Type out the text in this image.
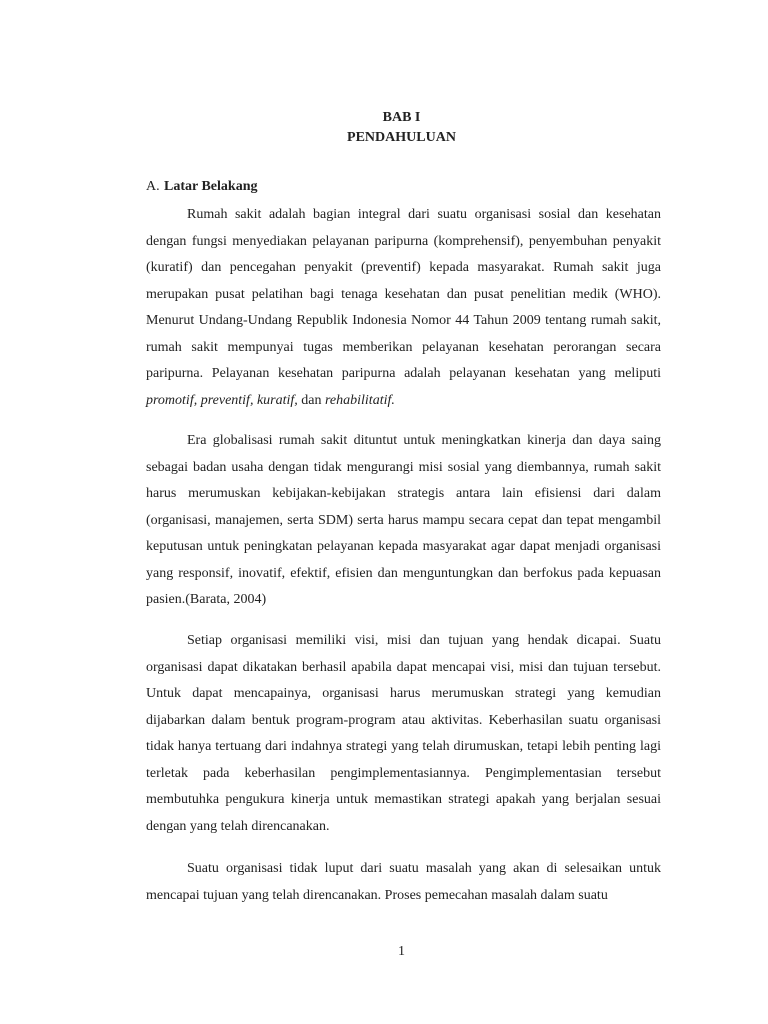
BAB I
PENDAHULUAN
A. Latar Belakang

Rumah sakit adalah bagian integral dari suatu organisasi sosial dan kesehatan dengan fungsi menyediakan pelayanan paripurna (komprehensif), penyembuhan penyakit (kuratif) dan pencegahan penyakit (preventif) kepada masyarakat. Rumah sakit juga merupakan pusat pelatihan bagi tenaga kesehatan dan pusat penelitian medik (WHO). Menurut Undang-Undang Republik Indonesia Nomor 44 Tahun 2009 tentang rumah sakit, rumah sakit mempunyai tugas memberikan pelayanan kesehatan perorangan secara paripurna. Pelayanan kesehatan paripurna adalah pelayanan kesehatan yang meliputi promotif, preventif, kuratif, dan rehabilitatif.

Era globalisasi rumah sakit dituntut untuk meningkatkan kinerja dan daya saing sebagai badan usaha dengan tidak mengurangi misi sosial yang diembannya, rumah sakit harus merumuskan kebijakan-kebijakan strategis antara lain efisiensi dari dalam (organisasi, manajemen, serta SDM) serta harus mampu secara cepat dan tepat mengambil keputusan untuk peningkatan pelayanan kepada masyarakat agar dapat menjadi organisasi yang responsif, inovatif, efektif, efisien dan menguntungkan dan berfokus pada kepuasan pasien.(Barata, 2004)

Setiap organisasi memiliki visi, misi dan tujuan yang hendak dicapai. Suatu organisasi dapat dikatakan berhasil apabila dapat mencapai visi, misi dan tujuan tersebut. Untuk dapat mencapainya, organisasi harus merumuskan strategi yang kemudian dijabarkan dalam bentuk program-program atau aktivitas. Keberhasilan suatu organisasi tidak hanya tertuang dari indahnya strategi yang telah dirumuskan, tetapi lebih penting lagi terletak pada keberhasilan pengimplementasiannya. Pengimplementasian tersebut membutuhka pengukura kinerja untuk memastikan strategi apakah yang berjalan sesuai dengan yang telah direncanakan.

Suatu organisasi tidak luput dari suatu masalah yang akan di selesaikan untuk mencapai tujuan yang telah direncanakan. Proses pemecahan masalah dalam suatu

1
